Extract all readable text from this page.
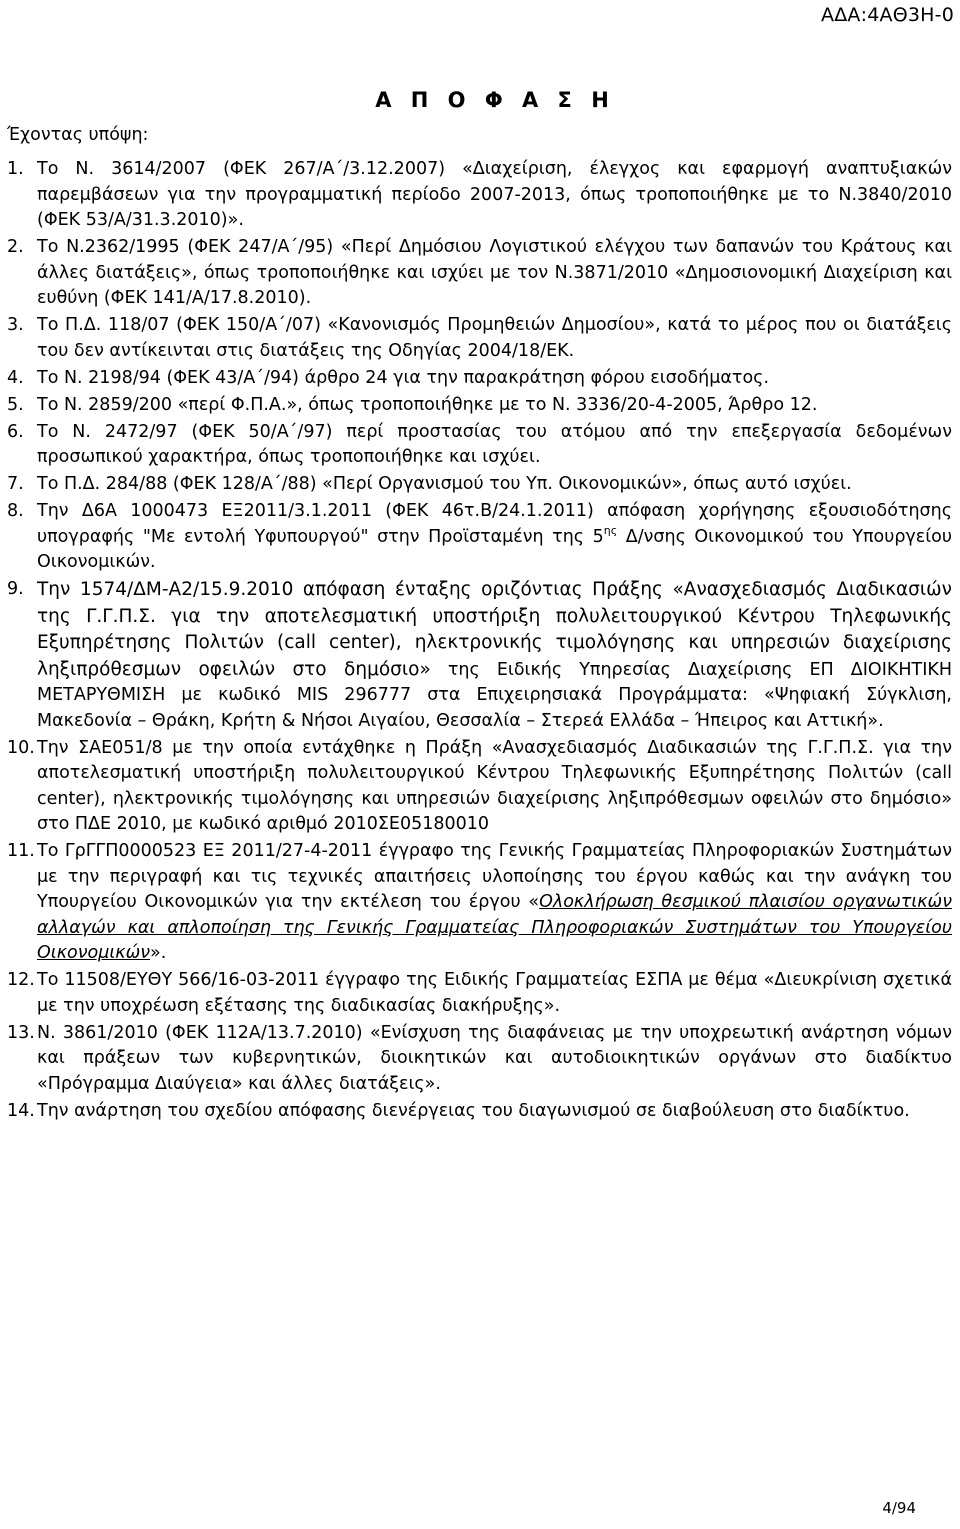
ΑΔΑ:4ΑΘ3Η-0
Α Π Ο Φ Α Σ Η
Έχοντας υπόψη:
1. Το Ν. 3614/2007 (ΦΕΚ 267/Α΄/3.12.2007) «Διαχείριση, έλεγχος και εφαρμογή αναπτυξιακών παρεμβάσεων για την προγραμματική περίοδο 2007-2013, όπως τροποποιήθηκε με το Ν.3840/2010 (ΦΕΚ 53/Α/31.3.2010)».
2. Το Ν.2362/1995 (ΦΕΚ 247/Α΄/95) «Περί Δημόσιου Λογιστικού ελέγχου των δαπανών του Κράτους και άλλες διατάξεις», όπως τροποποιήθηκε και ισχύει με τον Ν.3871/2010 «Δημοσιονομική Διαχείριση και ευθύνη (ΦΕΚ 141/Α/17.8.2010).
3. Το Π.Δ. 118/07 (ΦΕΚ 150/Α΄/07) «Κανονισμός Προμηθειών Δημοσίου», κατά το μέρος που οι διατάξεις του δεν αντίκεινται στις διατάξεις της Οδηγίας 2004/18/ΕΚ.
4. Το Ν. 2198/94 (ΦΕΚ 43/Α΄/94) άρθρο 24 για την παρακράτηση φόρου εισοδήματος.
5. Το Ν. 2859/200 «περί Φ.Π.Α.», όπως τροποποιήθηκε με το Ν. 3336/20-4-2005, Άρθρο 12.
6. Το Ν. 2472/97 (ΦΕΚ 50/Α΄/97) περί προστασίας του ατόμου από την επεξεργασία δεδομένων προσωπικού χαρακτήρα, όπως τροποποιήθηκε και ισχύει.
7. Το Π.Δ. 284/88 (ΦΕΚ 128/Α΄/88) «Περί Οργανισμού του Υπ. Οικονομικών», όπως αυτό ισχύει.
8. Την Δ6Α 1000473 ΕΞ2011/3.1.2011 (ΦΕΚ 46τ.Β/24.1.2011) απόφαση χορήγησης εξουσιοδότησης υπογραφής "Με εντολή Υφυπουργού" στην Προϊσταμένη της $5^{\eta\varsigma}$ Δ/νσης Οικονομικού του Υπουργείου Οικονομικών.
9. Την 1574/ΔΜ-Α2/15.9.2010 απόφαση ένταξης οριζόντιας Πράξης «Ανασχεδιασμός Διαδικασιών της Γ.Γ.Π.Σ. για την αποτελεσματική υποστήριξη πολυλειτουργικού Κέντρου Τηλεφωνικής Εξυπηρέτησης Πολιτών (call center), ηλεκτρονικής τιμολόγησης και υπηρεσιών διαχείρισης ληξιπρόθεσμων οφειλών στο δημόσιο» της Ειδικής Υπηρεσίας Διαχείρισης ΕΠ ΔΙΟΙΚΗΤΙΚΗ ΜΕΤΑΡΥΘΜΙΣΗ με κωδικό MIS 296777 στα Επιχειρησιακά Προγράμματα: «Ψηφιακή Σύγκλιση, Μακεδονία – Θράκη, Κρήτη & Νήσοι Αιγαίου, Θεσσαλία – Στερεά Ελλάδα – Ήπειρος και Αττική».
10. Την ΣΑΕ051/8 με την οποία εντάχθηκε η Πράξη «Ανασχεδιασμός Διαδικασιών της Γ.Γ.Π.Σ. για την αποτελεσματική υποστήριξη πολυλειτουργικού Κέντρου Τηλεφωνικής Εξυπηρέτησης Πολιτών (call center), ηλεκτρονικής τιμολόγησης και υπηρεσιών διαχείρισης ληξιπρόθεσμων οφειλών στο δημόσιο» στο ΠΔΕ 2010, με κωδικό αριθμό 2010ΣΕ05180010
11. Το ΓρΓΓΠ0000523 ΕΞ 2011/27-4-2011 έγγραφο της Γενικής Γραμματείας Πληροφοριακών Συστημάτων με την περιγραφή και τις τεχνικές απαιτήσεις υλοποίησης του έργου καθώς και την ανάγκη του Υπουργείου Οικονομικών για την εκτέλεση του έργου «Ολοκλήρωση θεσμικού πλαισίου οργανωτικών αλλαγών και απλοποίηση της Γενικής Γραμματείας Πληροφοριακών Συστημάτων του Υπουργείου Οικονομικών».
12. Το 11508/ΕΥΘΥ 566/16-03-2011 έγγραφο της Ειδικής Γραμματείας ΕΣΠΑ με θέμα «Διευκρίνιση σχετικά με την υποχρέωση εξέτασης της διαδικασίας διακήρυξης».
13. Ν. 3861/2010 (ΦΕΚ 112Α/13.7.2010) «Ενίσχυση της διαφάνειας με την υποχρεωτική ανάρτηση νόμων και πράξεων των κυβερνητικών, διοικητικών και αυτοδιοικητικών οργάνων στο διαδίκτυο «Πρόγραμμα Διαύγεια» και άλλες διατάξεις».
14. Την ανάρτηση του σχεδίου απόφασης διενέργειας του διαγωνισμού σε διαβούλευση στο διαδίκτυο.
4/94
